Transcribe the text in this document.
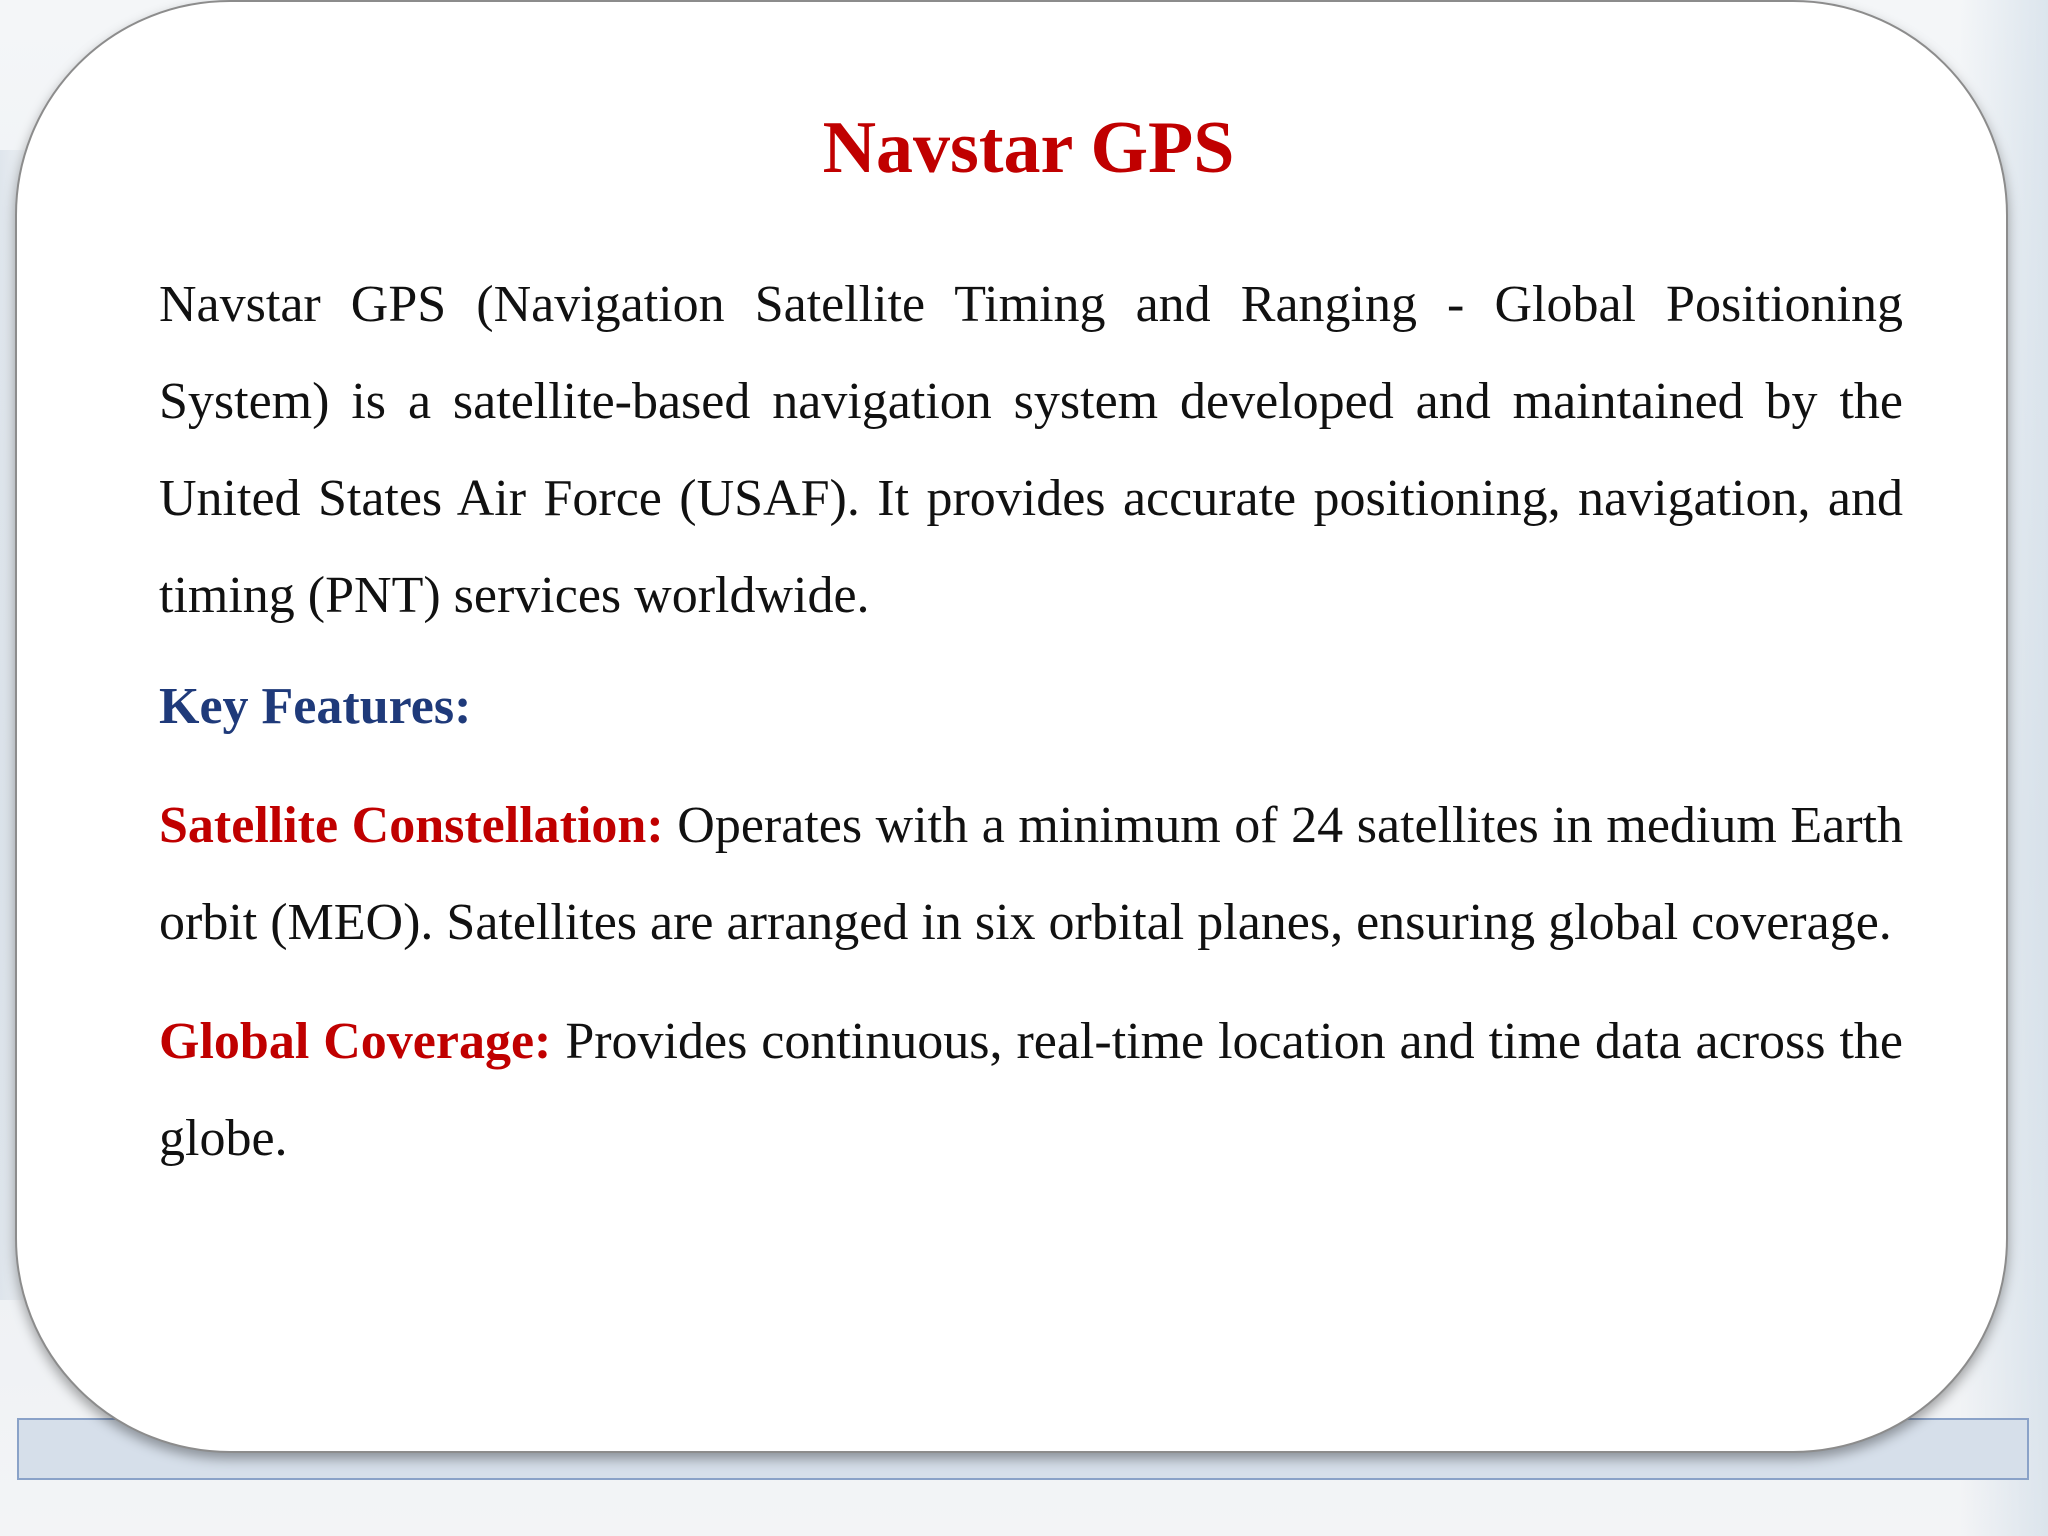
Navstar GPS

Navstar GPS (Navigation Satellite Timing and Ranging - Global Positioning System) is a satellite-based navigation system developed and maintained by the United States Air Force (USAF). It provides accurate positioning, navigation, and timing (PNT) services worldwide.

Key Features:

Satellite Constellation: Operates with a minimum of 24 satellites in medium Earth orbit (MEO). Satellites are arranged in six orbital planes, ensuring global coverage.

Global Coverage: Provides continuous, real-time location and time data across the globe.
